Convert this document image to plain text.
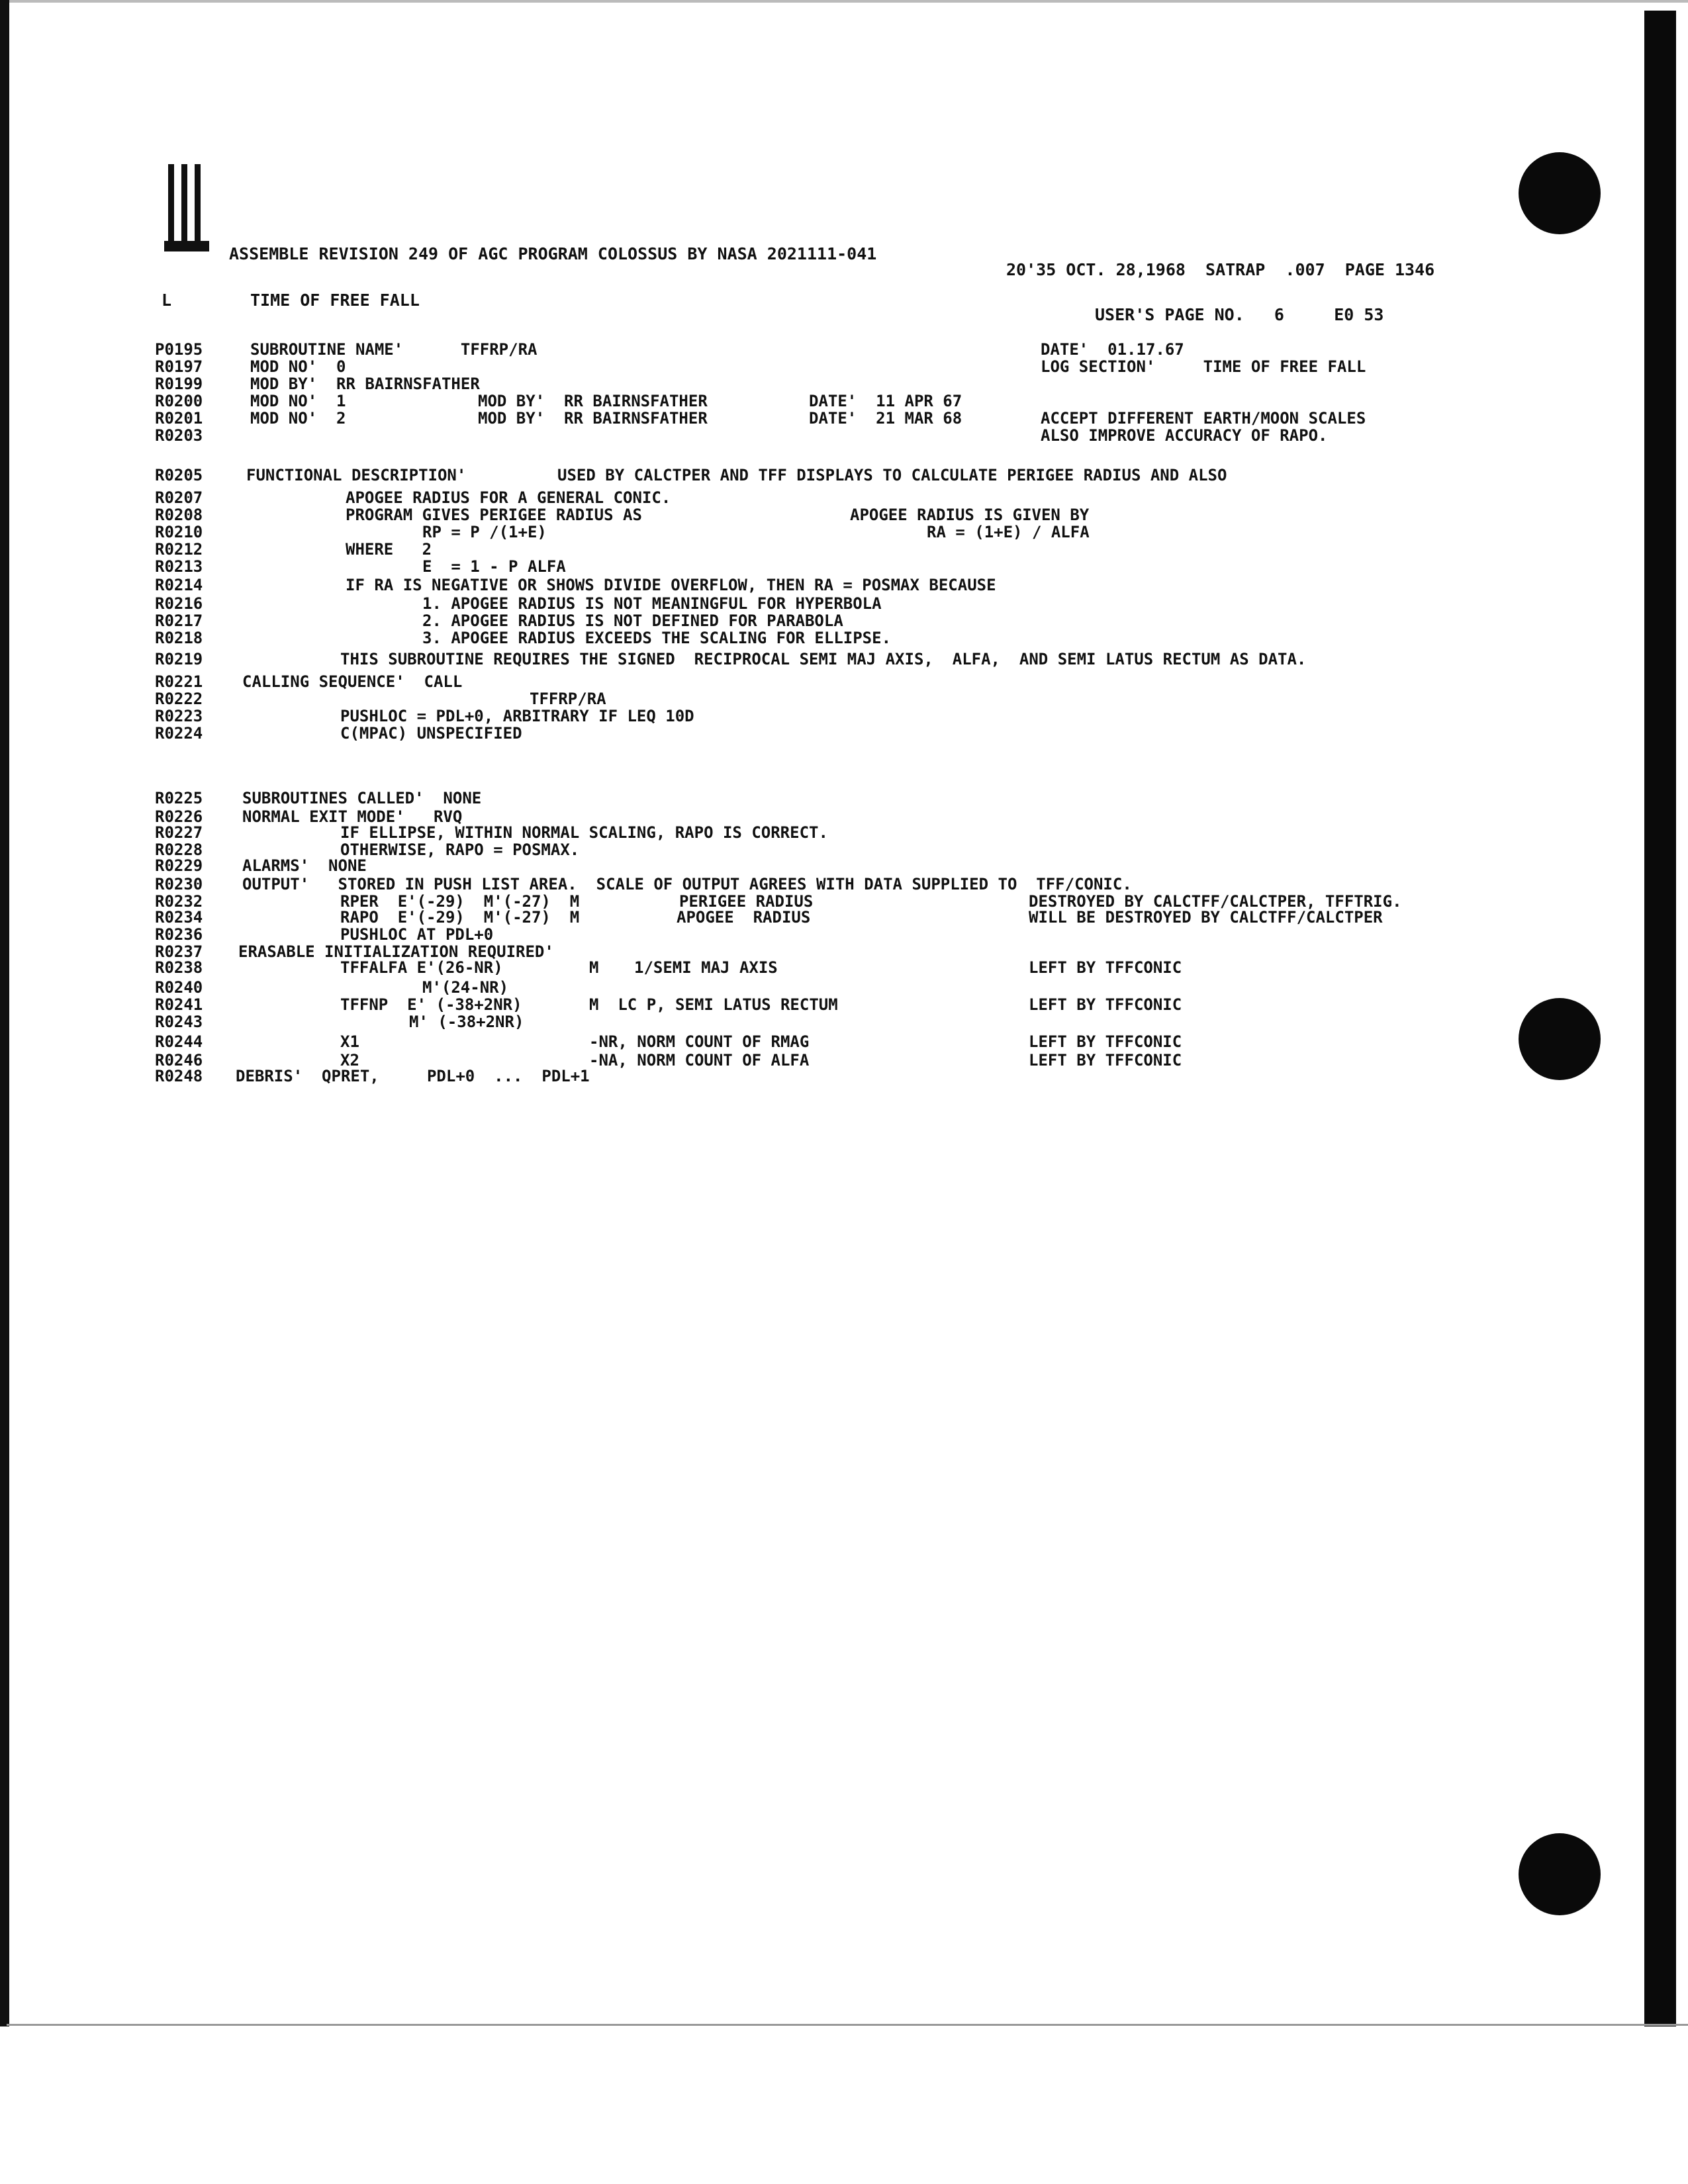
ASSEMBLE REVISION 249 OF AGC PROGRAM COLOSSUS BY NASA 2021111-041
20'35 OCT. 28,1968  SATRAP  .007  PAGE 1346
L	TIME OF FREE FALL
USER'S PAGE NO.   6     E0 53
P0195	SUBROUTINE NAME'      TFFRP/RA	DATE'  01.17.67
R0197	MOD NO'  0	LOG SECTION'     TIME OF FREE FALL
R0199	MOD BY'  RR BAIRNSFATHER
R0200	MOD NO'  1	MOD BY'  RR BAIRNSFATHER	DATE'  11 APR 67
R0201	MOD NO'  2	MOD BY'  RR BAIRNSFATHER	DATE'  21 MAR 68	ACCEPT DIFFERENT EARTH/MOON SCALES
R0203	ALSO IMPROVE ACCURACY OF RAPO.
R0205	FUNCTIONAL DESCRIPTION'	USED BY CALCTPER AND TFF DISPLAYS TO CALCULATE PERIGEE RADIUS AND ALSO
R0207	APOGEE RADIUS FOR A GENERAL CONIC.
R0208	PROGRAM GIVES PERIGEE RADIUS AS	APOGEE RADIUS IS GIVEN BY
R0210	RP = P /(1+E)	RA = (1+E) / ALFA
R0212	WHERE   2
R0213	E  = 1 - P ALFA
R0214	IF RA IS NEGATIVE OR SHOWS DIVIDE OVERFLOW, THEN RA = POSMAX BECAUSE
R0216	1. APOGEE RADIUS IS NOT MEANINGFUL FOR HYPERBOLA
R0217	2. APOGEE RADIUS IS NOT DEFINED FOR PARABOLA
R0218	3. APOGEE RADIUS EXCEEDS THE SCALING FOR ELLIPSE.
R0219	THIS SUBROUTINE REQUIRES THE SIGNED  RECIPROCAL SEMI MAJ AXIS,  ALFA,  AND SEMI LATUS RECTUM AS DATA.
R0221 CALLING SEQUENCE'  CALL
R0222	TFFRP/RA
R0223	PUSHLOC = PDL+0, ARBITRARY IF LEQ 10D
R0224	C(MPAC) UNSPECIFIED
R0225 SUBROUTINES CALLED'  NONE
R0226 NORMAL EXIT MODE'   RVQ
R0227	IF ELLIPSE, WITHIN NORMAL SCALING, RAPO IS CORRECT.
R0228	OTHERWISE, RAPO = POSMAX.
R0229 ALARMS'  NONE
R0230 OUTPUT'   STORED IN PUSH LIST AREA.  SCALE OF OUTPUT AGREES WITH DATA SUPPLIED TO  TFF/CONIC.
R0232	RPER  E'(-29)  M'(-27)  M	PERIGEE RADIUS	DESTROYED BY CALCTFF/CALCTPER, TFFTRIG.
R0234	RAPO  E'(-29)  M'(-27)  M	APOGEE  RADIUS	WILL BE DESTROYED BY CALCTFF/CALCTPER
R0236	PUSHLOC AT PDL+0
R0237 ERASABLE INITIALIZATION REQUIRED'
R0238	TFFALFA E'(26-NR)	M 1/SEMI MAJ AXIS	LEFT BY TFFCONIC
R0240	M'(24-NR)
R0241	TFFNP  E' (-38+2NR)	M  LC P, SEMI LATUS RECTUM	LEFT BY TFFCONIC
R0243	M' (-38+2NR)
R0244	X1	-NR, NORM COUNT OF RMAG	LEFT BY TFFCONIC
R0246	X2	-NA, NORM COUNT OF ALFA	LEFT BY TFFCONIC
R0248 DEBRIS'  QPRET,     PDL+0  ...  PDL+1
